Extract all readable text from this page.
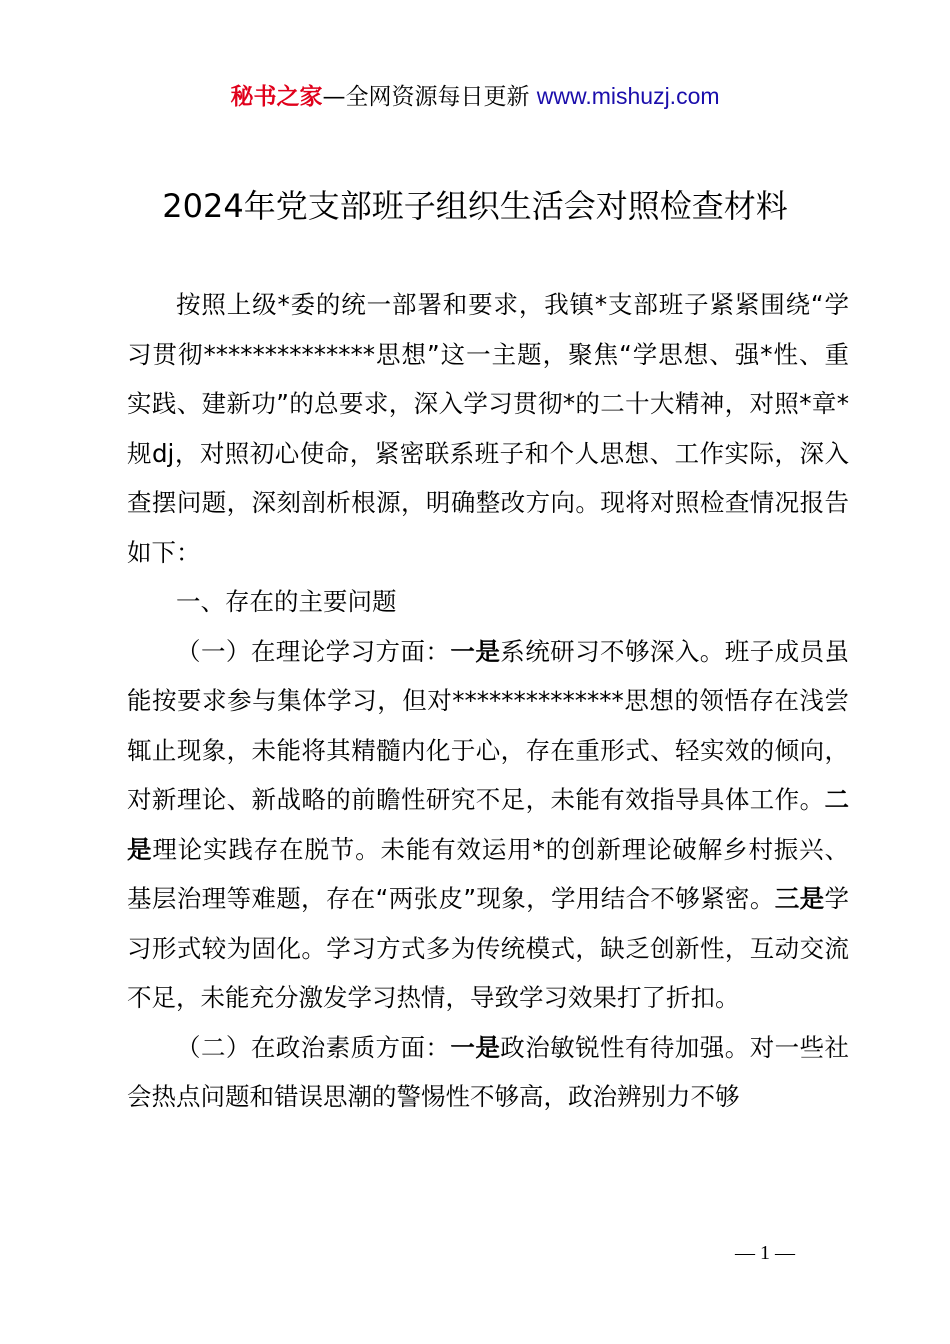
秘书之家—全网资源每日更新 www.mishuzj.com
2024年党支部班子组织生活会对照检查材料

按照上级*委的统一部署和要求，我镇*支部班子紧紧围绕“学习贯彻**************思想”这一主题，聚焦“学思想、强*性、重实践、建新功”的总要求，深入学习贯彻*的二十大精神，对照*章*规dj，对照初心使命，紧密联系班子和个人思想、工作实际，深入查摆问题，深刻剖析根源，明确整改方向。现将对照检查情况报告如下：

一、存在的主要问题

（一）在理论学习方面：一是系统研习不够深入。班子成员虽能按要求参与集体学习，但对**************思想的领悟存在浅尝辄止现象，未能将其精髓内化于心，存在重形式、轻实效的倾向，对新理论、新战略的前瞻性研究不足，未能有效指导具体工作。二是理论实践存在脱节。未能有效运用*的创新理论破解乡村振兴、基层治理等难题，存在“两张皮”现象，学用结合不够紧密。三是学习形式较为固化。学习方式多为传统模式，缺乏创新性，互动交流不足，未能充分激发学习热情，导致学习效果打了折扣。

（二）在政治素质方面：一是政治敏锐性有待加强。对一些社会热点问题和错误思潮的警惕性不够高，政治辨别力不够

— 1 —
